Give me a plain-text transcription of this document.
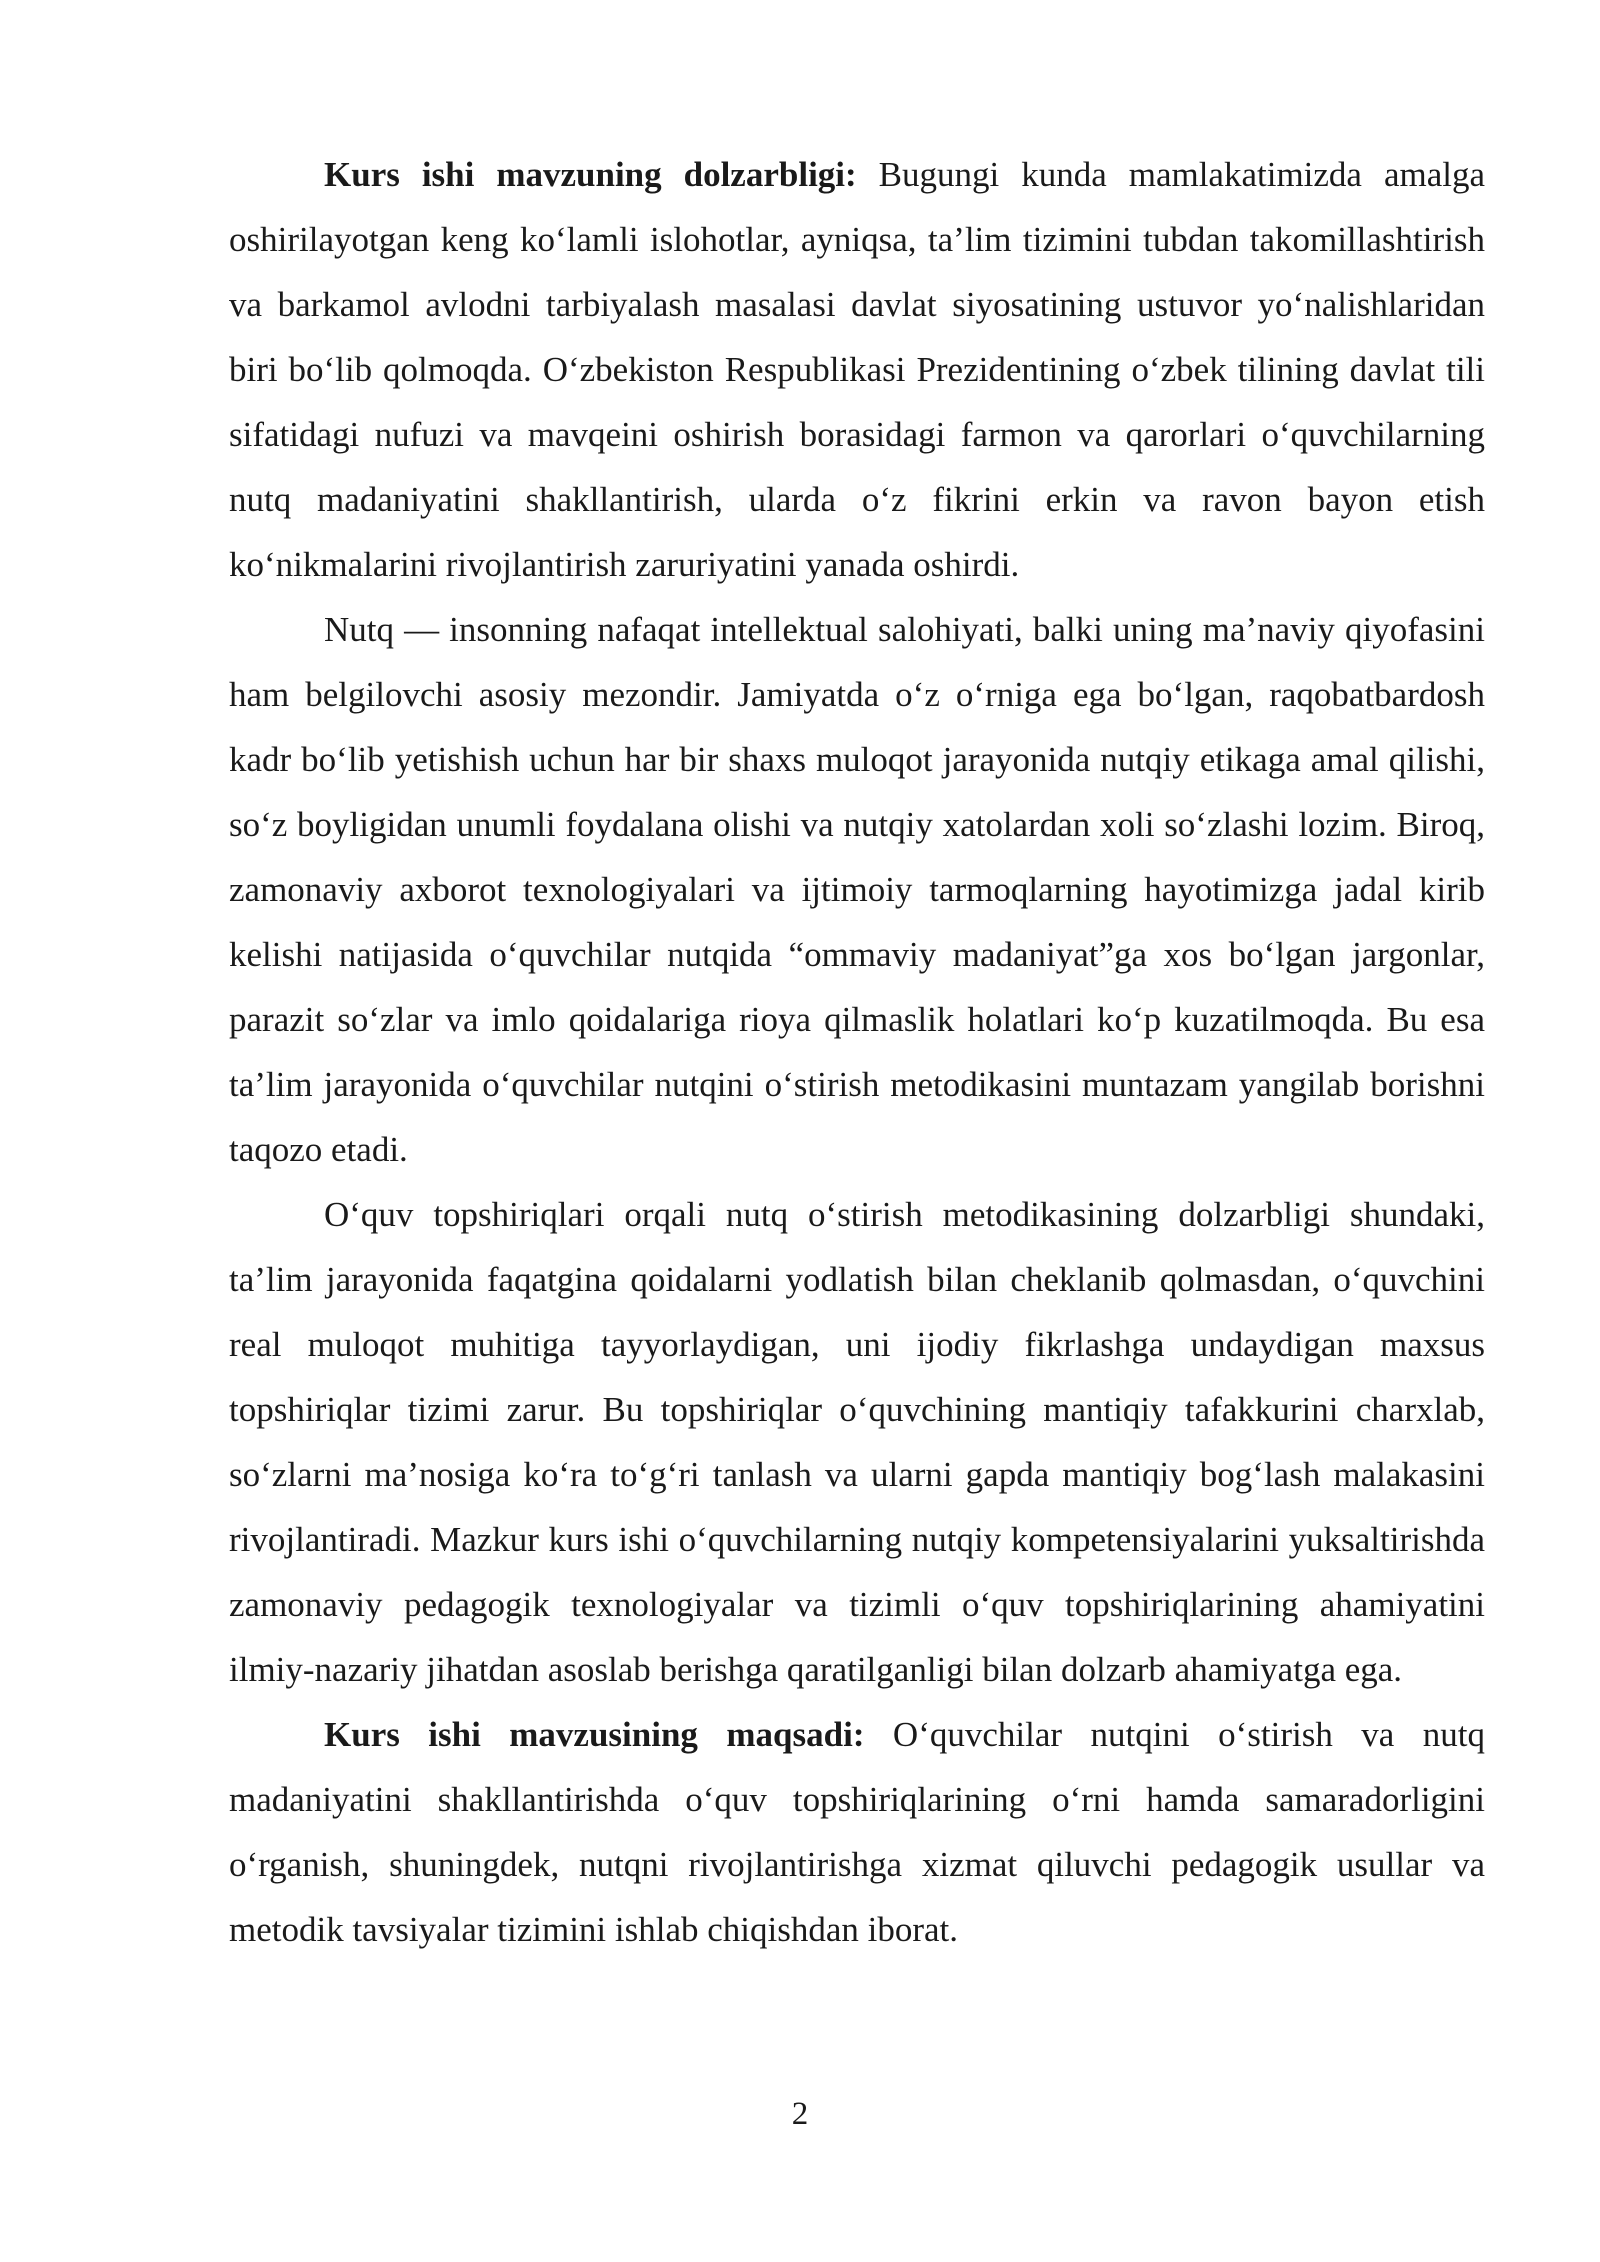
Kurs ishi mavzuning dolzarbligi: Bugungi kunda mamlakatimizda amalga oshirilayotgan keng ko‘lamli islohotlar, ayniqsa, ta’lim tizimini tubdan takomillashtirish va barkamol avlodni tarbiyalash masalasi davlat siyosatining ustuvor yo‘nalishlaridan biri bo‘lib qolmoqda. O‘zbekiston Respublikasi Prezidentining o‘zbek tilining davlat tili sifatidagi nufuzi va mavqeini oshirish borasidagi farmon va qarorlari o‘quvchilarning nutq madaniyatini shakllantirish, ularda o‘z fikrini erkin va ravon bayon etish ko‘nikmalarini rivojlantirish zaruriyatini yanada oshirdi.

Nutq — insonning nafaqat intellektual salohiyati, balki uning ma’naviy qiyofasini ham belgilovchi asosiy mezondir. Jamiyatda o‘z o‘rniga ega bo‘lgan, raqobatbardosh kadr bo‘lib yetishish uchun har bir shaxs muloqot jarayonida nutqiy etikaga amal qilishi, so‘z boyligidan unumli foydalana olishi va nutqiy xatolardan xoli so‘zlashi lozim. Biroq, zamonaviy axborot texnologiyalari va ijtimoiy tarmoqlarning hayotimizga jadal kirib kelishi natijasida o‘quvchilar nutqida “ommaviy madaniyat”ga xos bo‘lgan jargonlar, parazit so‘zlar va imlo qoidalariga rioya qilmaslik holatlari ko‘p kuzatilmoqda. Bu esa ta’lim jarayonida o‘quvchilar nutqini o‘stirish metodikasini muntazam yangilab borishni taqozo etadi.

O‘quv topshiriqlari orqali nutq o‘stirish metodikasining dolzarbligi shundaki, ta’lim jarayonida faqatgina qoidalarni yodlatish bilan cheklanib qolmasdan, o‘quvchini real muloqot muhitiga tayyorlaydigan, uni ijodiy fikrlashga undaydigan maxsus topshiriqlar tizimi zarur. Bu topshiriqlar o‘quvchining mantiqiy tafakkurini charxlab, so‘zlarni ma’nosiga ko‘ra to‘g‘ri tanlash va ularni gapda mantiqiy bog‘lash malakasini rivojlantiradi. Mazkur kurs ishi o‘quvchilarning nutqiy kompetensiyalarini yuksaltirishda zamonaviy pedagogik texnologiyalar va tizimli o‘quv topshiriqlarining ahamiyatini ilmiy-nazariy jihatdan asoslab berishga qaratilganligi bilan dolzarb ahamiyatga ega.

Kurs ishi mavzusining maqsadi: O‘quvchilar nutqini o‘stirish va nutq madaniyatini shakllantirishda o‘quv topshiriqlarining o‘rni hamda samaradorligini o‘rganish, shuningdek, nutqni rivojlantirishga xizmat qiluvchi pedagogik usullar va metodik tavsiyalar tizimini ishlab chiqishdan iborat.

2
